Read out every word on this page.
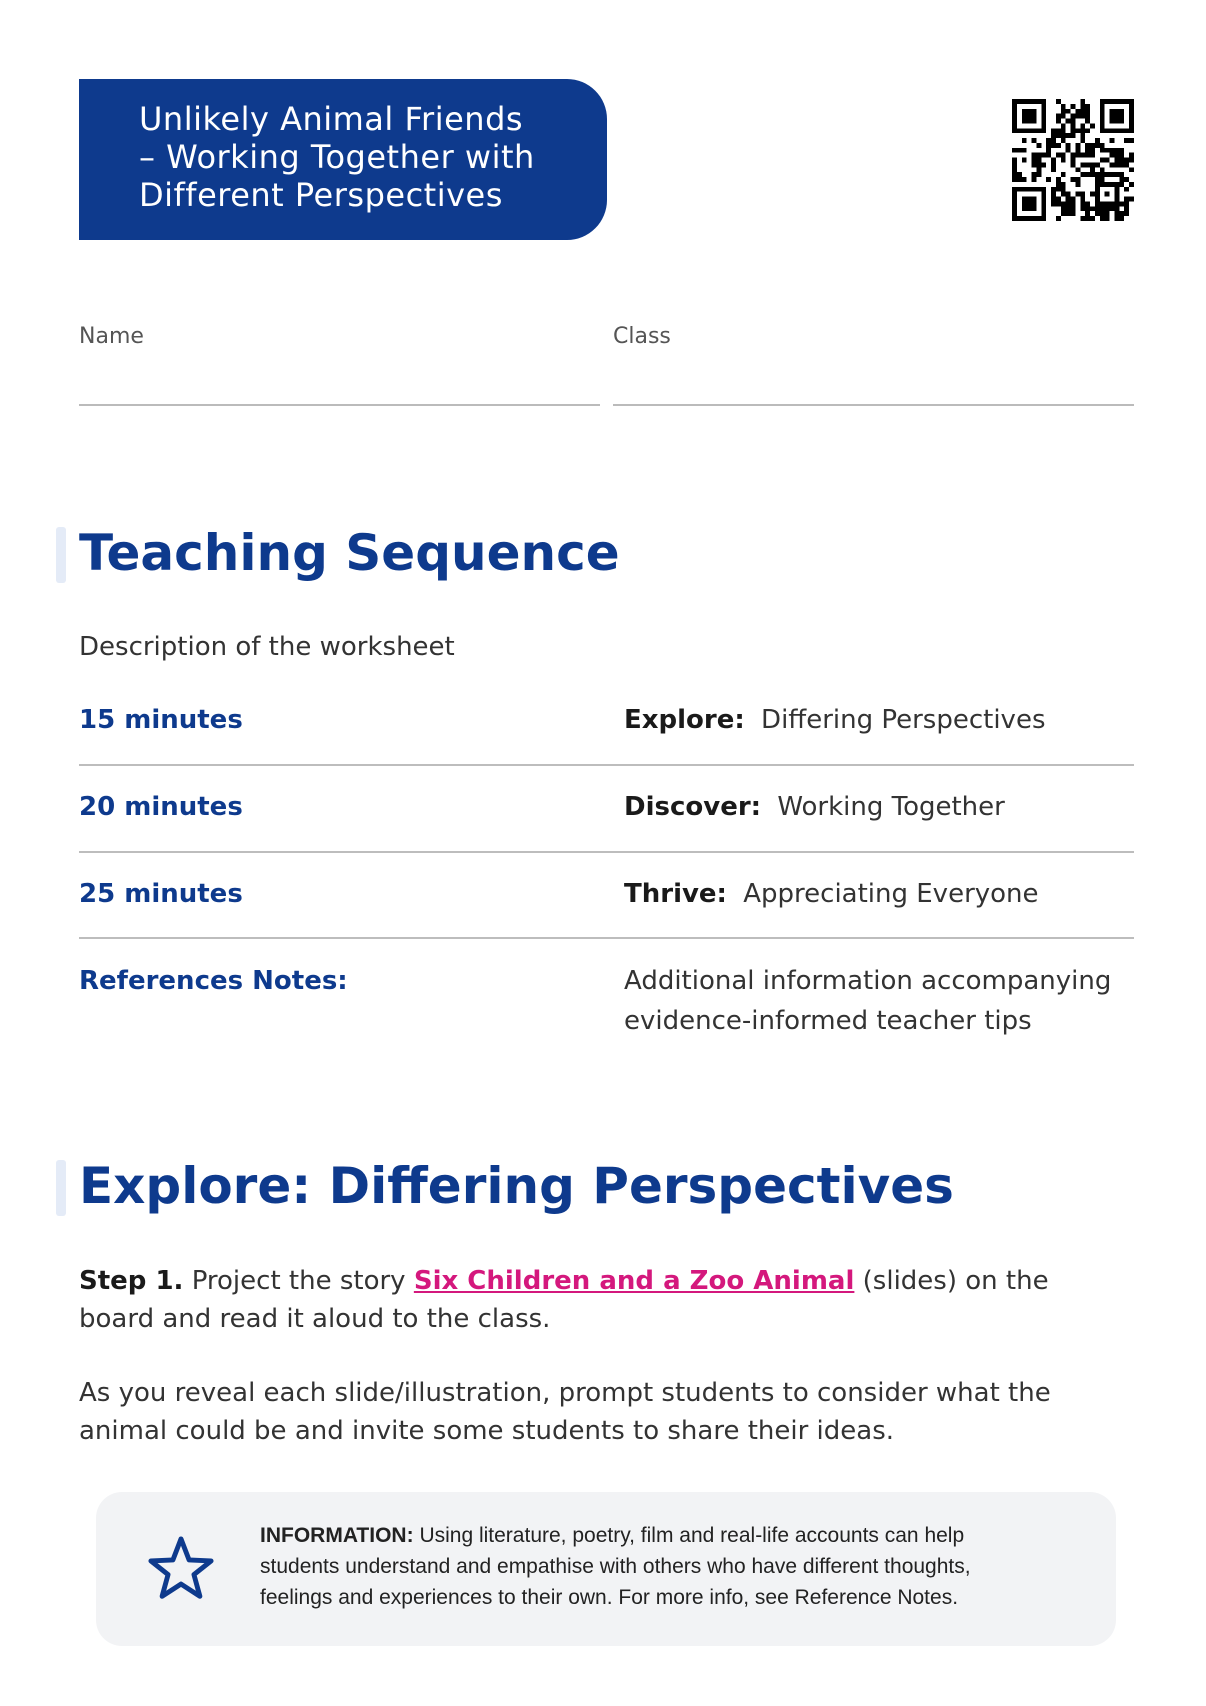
Unlikely Animal Friends
– Working Together with
Different Perspectives
Name	Class
Teaching Sequence
Description of the worksheet
15 minutes	Explore: Differing Perspectives
20 minutes	Discover: Working Together
25 minutes	Thrive: Appreciating Everyone
References Notes:	Additional information accompanying
evidence-informed teacher tips
Explore: Differing Perspectives
Step 1. Project the story Six Children and a Zoo Animal (slides) on the
board and read it aloud to the class.
As you reveal each slide/illustration, prompt students to consider what the
animal could be and invite some students to share their ideas.
INFORMATION: Using literature, poetry, film and real-life accounts can help
students understand and empathise with others who have different thoughts,
feelings and experiences to their own. For more info, see Reference Notes.
